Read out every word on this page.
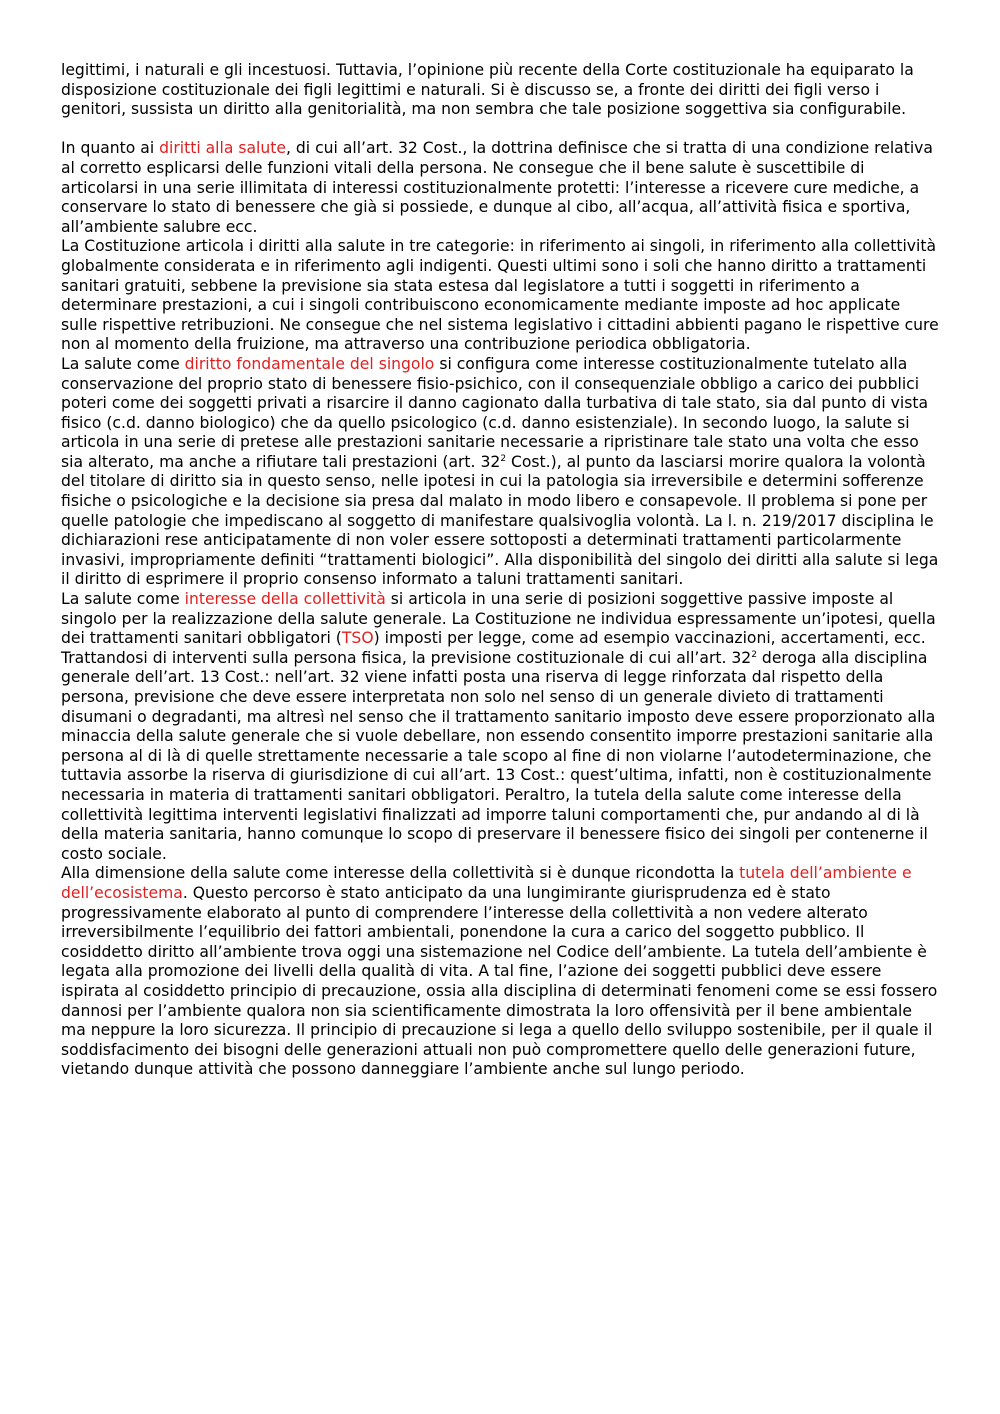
legittimi, i naturali e gli incestuosi. Tuttavia, l’opinione più recente della Corte costituzionale ha equiparato la disposizione costituzionale dei figli legittimi e naturali. Si è discusso se, a fronte dei diritti dei figli verso i genitori, sussista un diritto alla genitorialità, ma non sembra che tale posizione soggettiva sia configurabile.

In quanto ai diritti alla salute, di cui all’art. 32 Cost., la dottrina definisce che si tratta di una condizione relativa al corretto esplicarsi delle funzioni vitali della persona. Ne consegue che il bene salute è suscettibile di articolarsi in una serie illimitata di interessi costituzionalmente protetti: l’interesse a ricevere cure mediche, a conservare lo stato di benessere che già si possiede, e dunque al cibo, all’acqua, all’attività fisica e sportiva, all’ambiente salubre ecc.

La Costituzione articola i diritti alla salute in tre categorie: in riferimento ai singoli, in riferimento alla collettività globalmente considerata e in riferimento agli indigenti. Questi ultimi sono i soli che hanno diritto a trattamenti sanitari gratuiti, sebbene la previsione sia stata estesa dal legislatore a tutti i soggetti in riferimento a determinare prestazioni, a cui i singoli contribuiscono economicamente mediante imposte ad hoc applicate sulle rispettive retribuzioni. Ne consegue che nel sistema legislativo i cittadini abbienti pagano le rispettive cure non al momento della fruizione, ma attraverso una contribuzione periodica obbligatoria.

La salute come diritto fondamentale del singolo si configura come interesse costituzionalmente tutelato alla conservazione del proprio stato di benessere fisio-psichico, con il consequenziale obbligo a carico dei pubblici poteri come dei soggetti privati a risarcire il danno cagionato dalla turbativa di tale stato, sia dal punto di vista fisico (c.d. danno biologico) che da quello psicologico (c.d. danno esistenziale). In secondo luogo, la salute si articola in una serie di pretese alle prestazioni sanitarie necessarie a ripristinare tale stato una volta che esso sia alterato, ma anche a rifiutare tali prestazioni (art. $32^2$ Cost.), al punto da lasciarsi morire qualora la volontà del titolare di diritto sia in questo senso, nelle ipotesi in cui la patologia sia irreversibile e determini sofferenze fisiche o psicologiche e la decisione sia presa dal malato in modo libero e consapevole. Il problema si pone per quelle patologie che impediscano al soggetto di manifestare qualsivoglia volontà. La l. n. 219/2017 disciplina le dichiarazioni rese anticipatamente di non voler essere sottoposti a determinati trattamenti particolarmente invasivi, impropriamente definiti “trattamenti biologici”. Alla disponibilità del singolo dei diritti alla salute si lega il diritto di esprimere il proprio consenso informato a taluni trattamenti sanitari.

La salute come interesse della collettività si articola in una serie di posizioni soggettive passive imposte al singolo per la realizzazione della salute generale. La Costituzione ne individua espressamente un’ipotesi, quella dei trattamenti sanitari obbligatori (TSO) imposti per legge, come ad esempio vaccinazioni, accertamenti, ecc. Trattandosi di interventi sulla persona fisica, la previsione costituzionale di cui all’art. $32^2$ deroga alla disciplina generale dell’art. 13 Cost.: nell’art. 32 viene infatti posta una riserva di legge rinforzata dal rispetto della persona, previsione che deve essere interpretata non solo nel senso di un generale divieto di trattamenti disumani o degradanti, ma altresì nel senso che il trattamento sanitario imposto deve essere proporzionato alla minaccia della salute generale che si vuole debellare, non essendo consentito imporre prestazioni sanitarie alla persona al di là di quelle strettamente necessarie a tale scopo al fine di non violarne l’autodeterminazione, che tuttavia assorbe la riserva di giurisdizione di cui all’art. 13 Cost.: quest’ultima, infatti, non è costituzionalmente necessaria in materia di trattamenti sanitari obbligatori. Peraltro, la tutela della salute come interesse della collettività legittima interventi legislativi finalizzati ad imporre taluni comportamenti che, pur andando al di là della materia sanitaria, hanno comunque lo scopo di preservare il benessere fisico dei singoli per contenerne il costo sociale.

Alla dimensione della salute come interesse della collettività si è dunque ricondotta la tutela dell’ambiente e dell’ecosistema. Questo percorso è stato anticipato da una lungimirante giurisprudenza ed è stato progressivamente elaborato al punto di comprendere l’interesse della collettività a non vedere alterato irreversibilmente l’equilibrio dei fattori ambientali, ponendone la cura a carico del soggetto pubblico. Il cosiddetto diritto all’ambiente trova oggi una sistemazione nel Codice dell’ambiente. La tutela dell’ambiente è legata alla promozione dei livelli della qualità di vita. A tal fine, l’azione dei soggetti pubblici deve essere ispirata al cosiddetto principio di precauzione, ossia alla disciplina di determinati fenomeni come se essi fossero dannosi per l’ambiente qualora non sia scientificamente dimostrata la loro offensività per il bene ambientale ma neppure la loro sicurezza. Il principio di precauzione si lega a quello dello sviluppo sostenibile, per il quale il soddisfacimento dei bisogni delle generazioni attuali non può compromettere quello delle generazioni future, vietando dunque attività che possono danneggiare l’ambiente anche sul lungo periodo.
